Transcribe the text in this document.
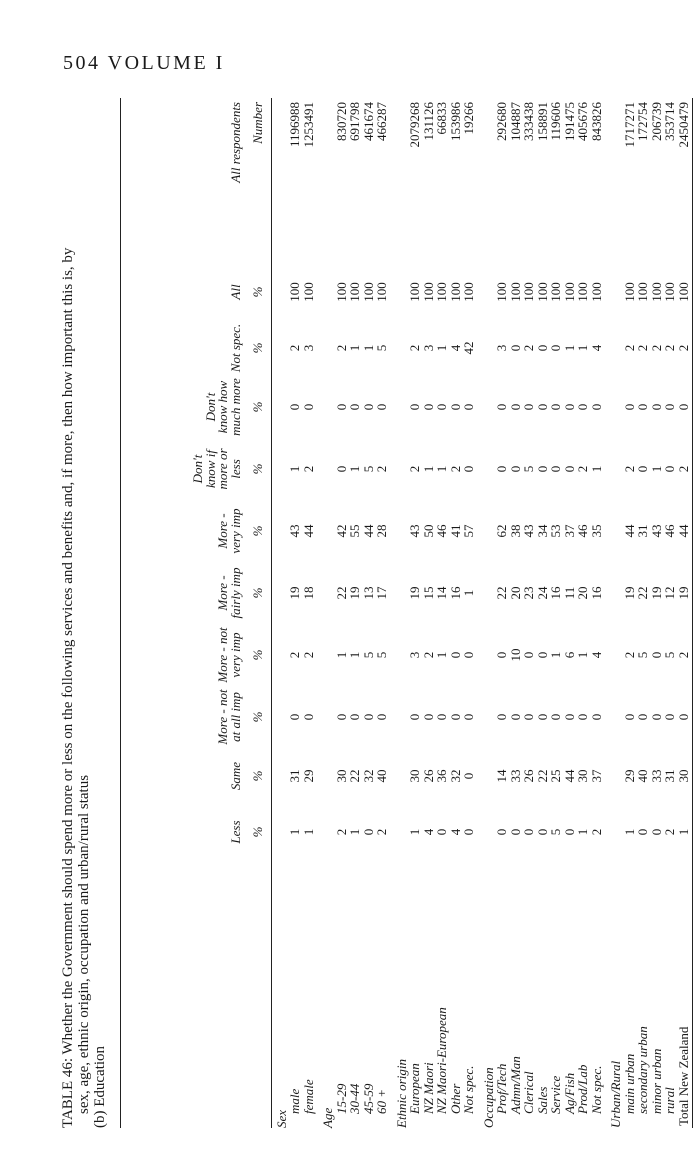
504 VOLUME I
TABLE 46: Whether the Government should spend more or less on the following services and benefits and, if more, then how important this is, by sex, age, ethnic origin, occupation and urban/rural status (b) Education
	Less	Same	More - not at all imp	More - not very imp	More - fairly imp	More - very imp	Don't know if more or less	Don't know how much more	Not spec.	All	All respondents
	%	%	%	%	%	%	%	%	%	%	Number
Sex											
male	1	31	0	2	19	43	1	0	2	100	1196988
female	1	29	0	2	18	44	2	0	3	100	1253491

Age											
15-29	2	30	0	1	22	42	0	0	2	100	830720
30-44	1	22	0	1	19	55	1	0	1	100	691798
45-59	0	32	0	5	13	44	5	0	1	100	461674
60 +	2	40	0	5	17	28	2	0	5	100	466287

Ethnic origin											
European	1	30	0	3	19	43	2	0	2	100	2079268
NZ Maori	4	26	0	2	15	50	1	0	3	100	131126
NZ Maori-European	0	36	0	1	14	46	1	0	1	100	66833
Other	4	32	0	0	16	41	2	0	4	100	153986
Not spec.	0	0	0	0	1	57	0	0	42	100	19266

Occupation											
Prof/Tech	0	14	0	0	22	62	0	0	3	100	292680
Admn/Man	0	33	0	10	20	38	0	0	0	100	104887
Clerical	0	26	0	0	23	43	5	0	2	100	333438
Sales	0	22	0	0	24	34	0	0	0	100	158891
Service	5	25	0	1	16	53	0	0	0	100	119606
Ag/Fish	0	44	0	6	11	37	0	0	1	100	191475
Prod/Lab	1	30	0	1	20	46	2	0	1	100	405676
Not spec.	2	37	0	4	16	35	1	0	4	100	843826

Urban/Rural											
main urban	1	29	0	2	19	44	2	0	2	100	1717271
secondary urban	0	40	0	5	22	31	0	0	2	100	172754
minor urban	0	33	0	0	19	43	1	0	2	100	206739
rural	2	31	0	5	12	46	0	0	2	100	353714
Total New Zealand	1	30	0	2	19	44	2	0	2	100	2450479
